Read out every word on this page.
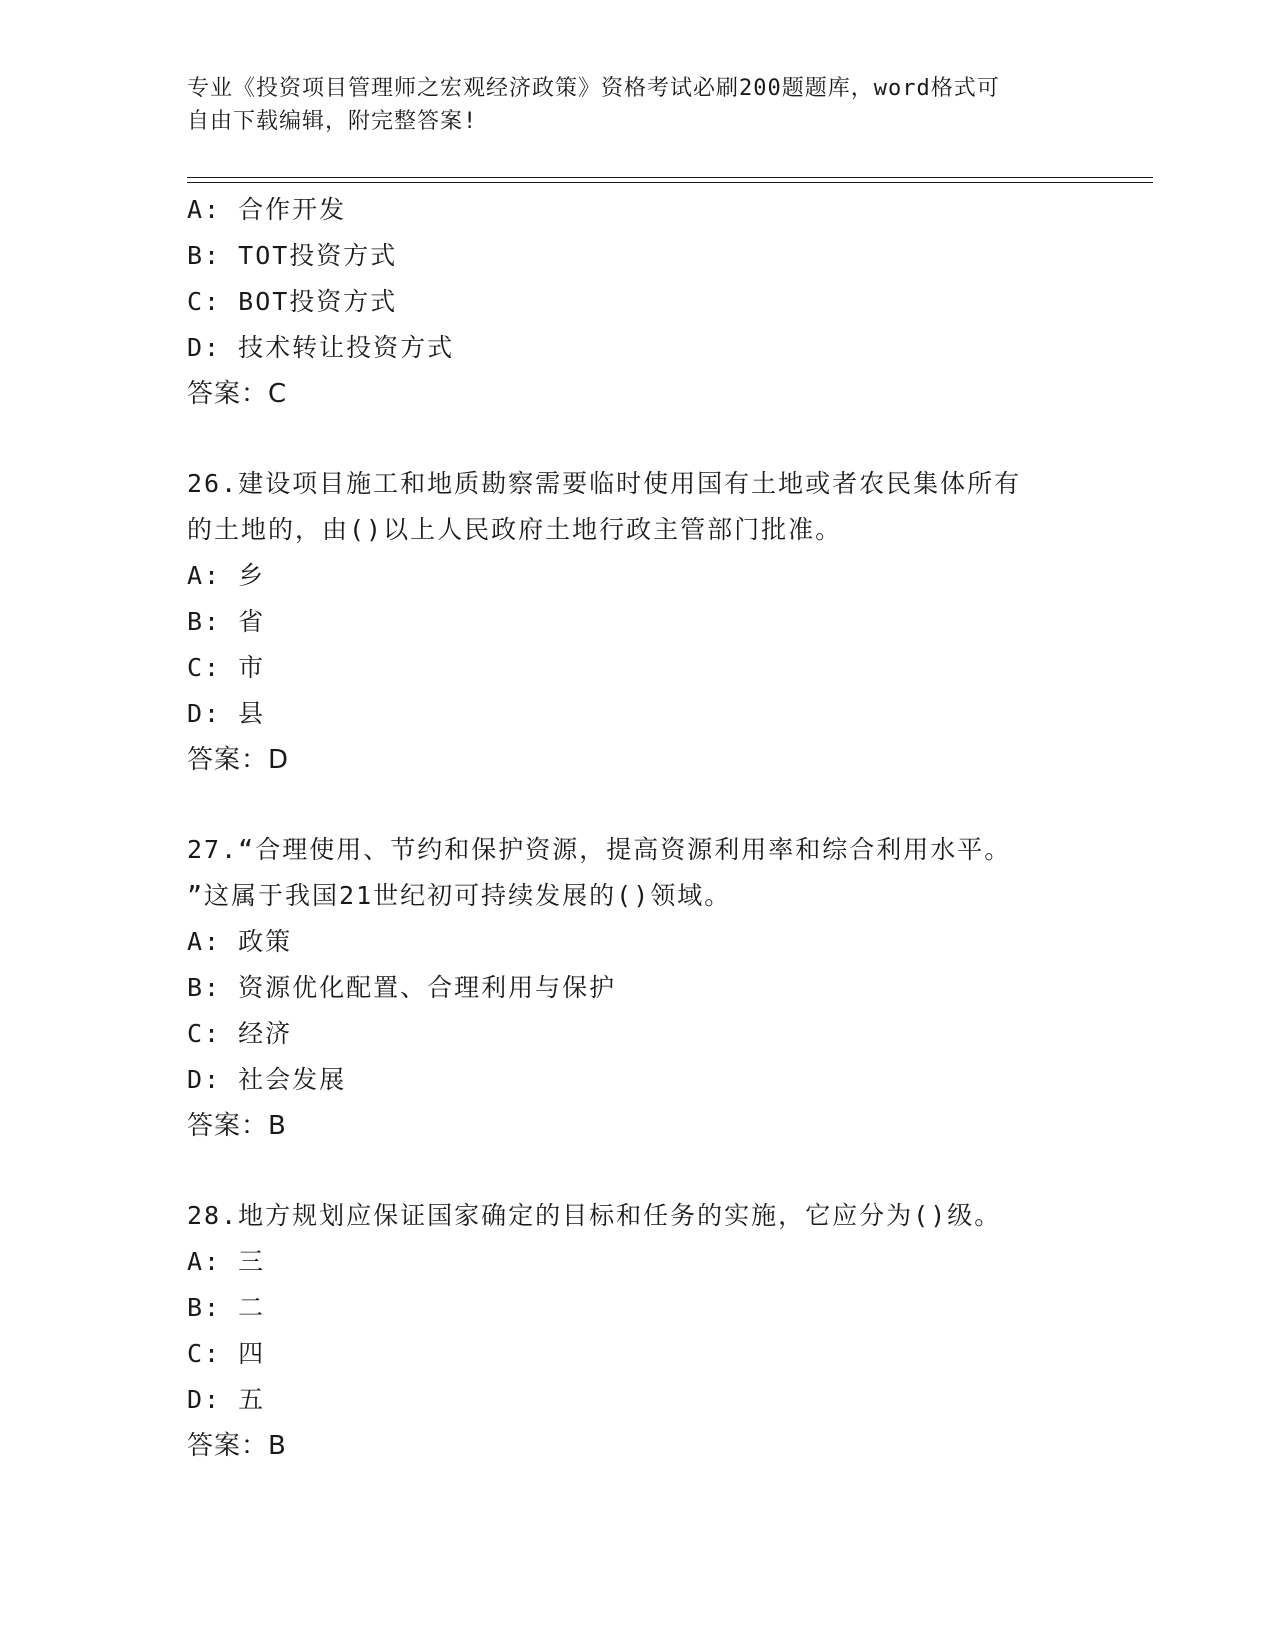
专业《投资项目管理师之宏观经济政策》资格考试必刷200题题库，word格式可
自由下载编辑，附完整答案!
A: 合作开发
B: TOT投资方式
C: BOT投资方式
D: 技术转让投资方式
答案：C
26.建设项目施工和地质勘察需要临时使用国有土地或者农民集体所有
的土地的，由()以上人民政府土地行政主管部门批准。
A: 乡
B: 省
C: 市
D: 县
答案：D
27.“合理使用、节约和保护资源，提高资源利用率和综合利用水平。
”这属于我国21世纪初可持续发展的()领域。
A: 政策
B: 资源优化配置、合理利用与保护
C: 经济
D: 社会发展
答案：B
28.地方规划应保证国家确定的目标和任务的实施，它应分为()级。
A: 三
B: 二
C: 四
D: 五
答案：B
